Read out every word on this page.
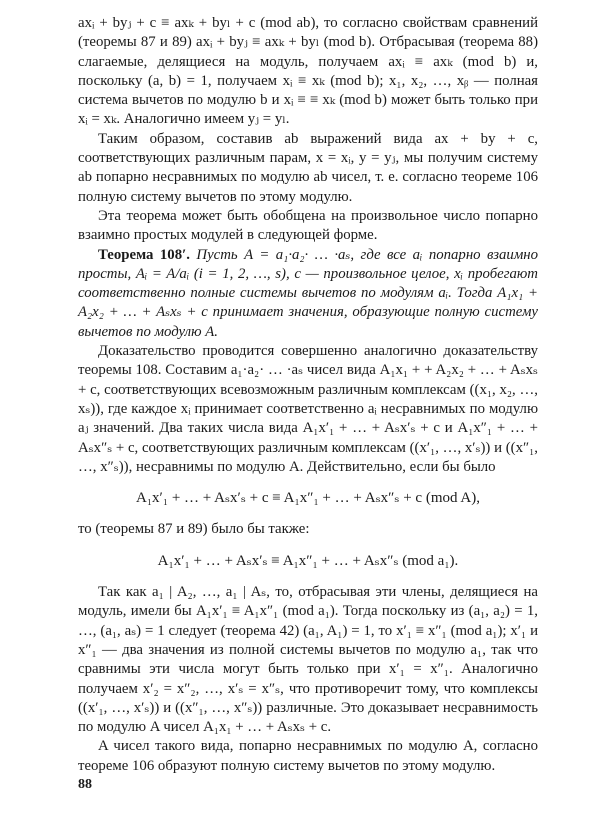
axᵢ + byⱼ + c ≡ axₖ + byₗ + c (mod ab), то согласно свойствам сравнений (теоремы 87 и 89) axᵢ + byⱼ ≡ axₖ + byₗ (mod b). Отбрасывая (теорема 88) слагаемые, делящиеся на модуль, получаем axᵢ ≡ axₖ (mod b) и, поскольку (a, b) = 1, получаем xᵢ ≡ xₖ (mod b); x₁, x₂, …, xᵦ — полная система вычетов по модулю b и xᵢ ≡ ≡ xₖ (mod b) может быть только при xᵢ = xₖ. Аналогично имеем yⱼ = yₗ.

Таким образом, составив ab выражений вида ax + by + c, соответствующих различным парам, x = xᵢ, y = yⱼ, мы получим систему ab попарно несравнимых по модулю ab чисел, т. е. согласно теореме 106 полную систему вычетов по этому модулю.

Эта теорема может быть обобщена на произвольное число попарно взаимно простых модулей в следующей форме.

Теорема 108′. Пусть A = a₁·a₂· … ·aₛ, где все aᵢ попарно взаимно просты, Aᵢ = A/aᵢ (i = 1, 2, …, s), c — произвольное целое, xᵢ пробегают соответственно полные системы вычетов по модулям aᵢ. Тогда A₁x₁ + A₂x₂ + … + Aₛxₛ + c принимает значения, образующие полную систему вычетов по модулю A.

Доказательство проводится совершенно аналогично доказательству теоремы 108. Составим a₁·a₂· … ·aₛ чисел вида A₁x₁ + + A₂x₂ + … + Aₛxₛ + c, соответствующих всевозможным различным комплексам ((x₁, x₂, …, xₛ)), где каждое xᵢ принимает соответственно aᵢ несравнимых по модулю aⱼ значений. Два таких числа вида A₁x′₁ + … + Aₛx′ₛ + c и A₁x″₁ + … + Aₛx″ₛ + c, соответствующих различным комплексам ((x′₁, …, x′ₛ)) и ((x″₁, …, x″ₛ)), несравнимы по модулю A. Действительно, если бы было

A₁x′₁ + … + Aₛx′ₛ + c ≡ A₁x″₁ + … + Aₛx″ₛ + c (mod A),

то (теоремы 87 и 89) было бы также:

A₁x′₁ + … + Aₛx′ₛ ≡ A₁x″₁ + … + Aₛx″ₛ (mod a₁).

Так как a₁ | A₂, …, a₁ | Aₛ, то, отбрасывая эти члены, делящиеся на модуль, имели бы A₁x′₁ ≡ A₁x″₁ (mod a₁). Тогда поскольку из (a₁, a₂) = 1, …, (a₁, aₛ) = 1 следует (теорема 42) (a₁, A₁) = 1, то x′₁ ≡ x″₁ (mod a₁); x′₁ и x″₁ — два значения из полной системы вычетов по модулю a₁, так что сравнимы эти числа могут быть только при x′₁ = x″₁. Аналогично получаем x′₂ = x″₂, …, x′ₛ = x″ₛ, что противоречит тому, что комплексы ((x′₁, …, x′ₛ)) и ((x″₁, …, x″ₛ)) различные. Это доказывает несравнимость по модулю A чисел A₁x₁ + … + Aₛxₛ + c.

A чисел такого вида, попарно несравнимых по модулю A, согласно теореме 106 образуют полную систему вычетов по этому модулю.

88
